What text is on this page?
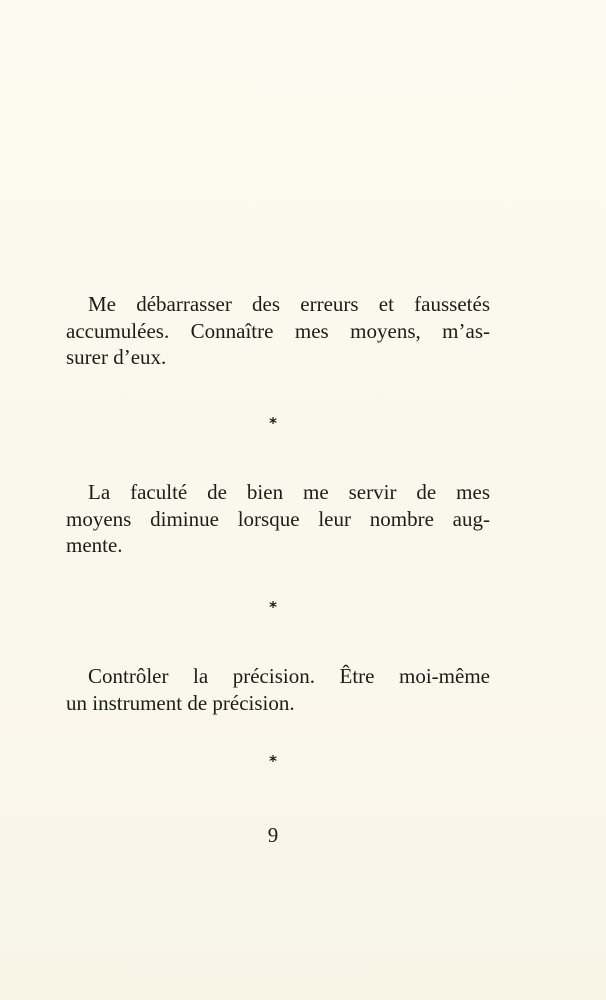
Me débarrasser des erreurs et faussetés
accumulées. Connaître mes moyens, m’as-
surer d’eux.

*

La faculté de bien me servir de mes
moyens diminue lorsque leur nombre aug-
mente.

*

Contrôler la précision. Être moi-même
un instrument de précision.

*
9
